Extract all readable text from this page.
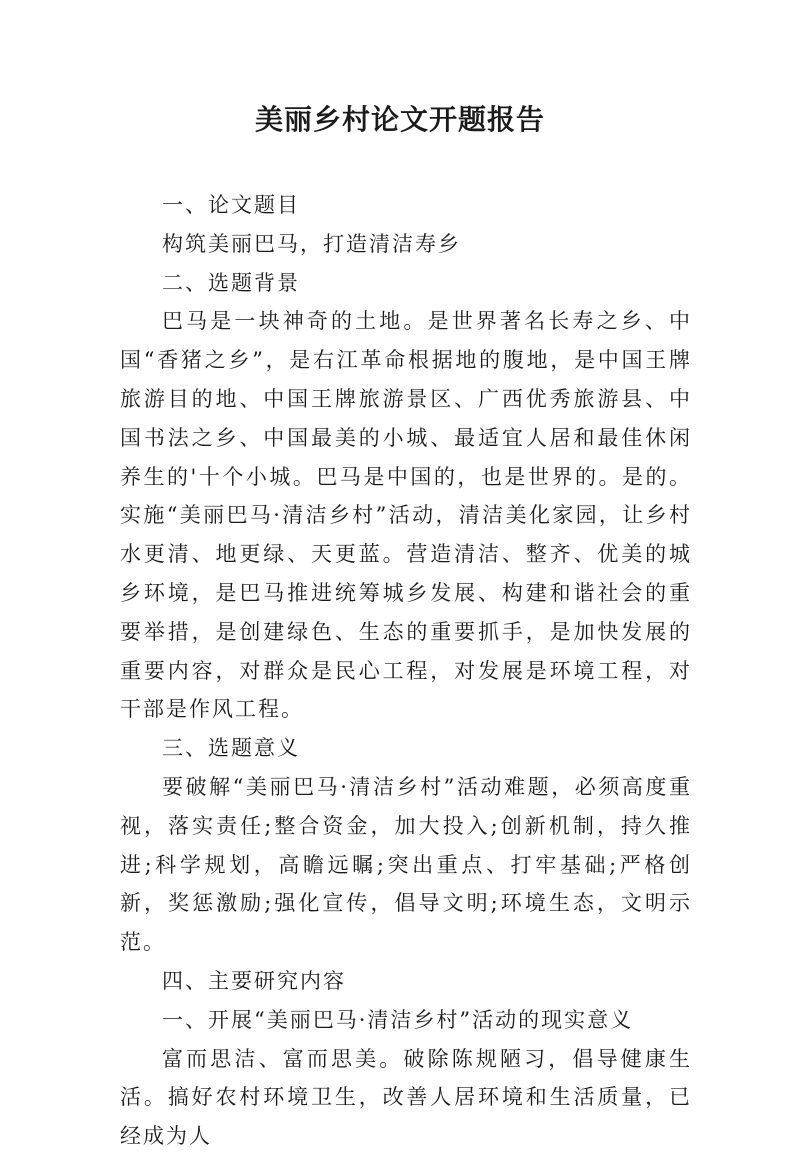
美丽乡村论文开题报告

一、论文题目

构筑美丽巴马，打造清洁寿乡

二、选题背景

巴马是一块神奇的土地。是世界著名长寿之乡、中国“香猪之乡”，是右江革命根据地的腹地，是中国王牌旅游目的地、中国王牌旅游景区、广西优秀旅游县、中国书法之乡、中国最美的小城、最适宜人居和最佳休闲养生的'十个小城。巴马是中国的，也是世界的。是的。实施“美丽巴马·清洁乡村”活动，清洁美化家园，让乡村水更清、地更绿、天更蓝。营造清洁、整齐、优美的城乡环境，是巴马推进统筹城乡发展、构建和谐社会的重要举措，是创建绿色、生态的重要抓手，是加快发展的重要内容，对群众是民心工程，对发展是环境工程，对干部是作风工程。

三、选题意义

要破解“美丽巴马·清洁乡村”活动难题，必须高度重视，落实责任;整合资金，加大投入;创新机制，持久推进;科学规划，高瞻远瞩;突出重点、打牢基础;严格创新，奖惩激励;强化宣传，倡导文明;环境生态，文明示范。

四、主要研究内容

一、开展“美丽巴马·清洁乡村”活动的现实意义

富而思洁、富而思美。破除陈规陋习，倡导健康生活。搞好农村环境卫生，改善人居环境和生活质量，已经成为人
